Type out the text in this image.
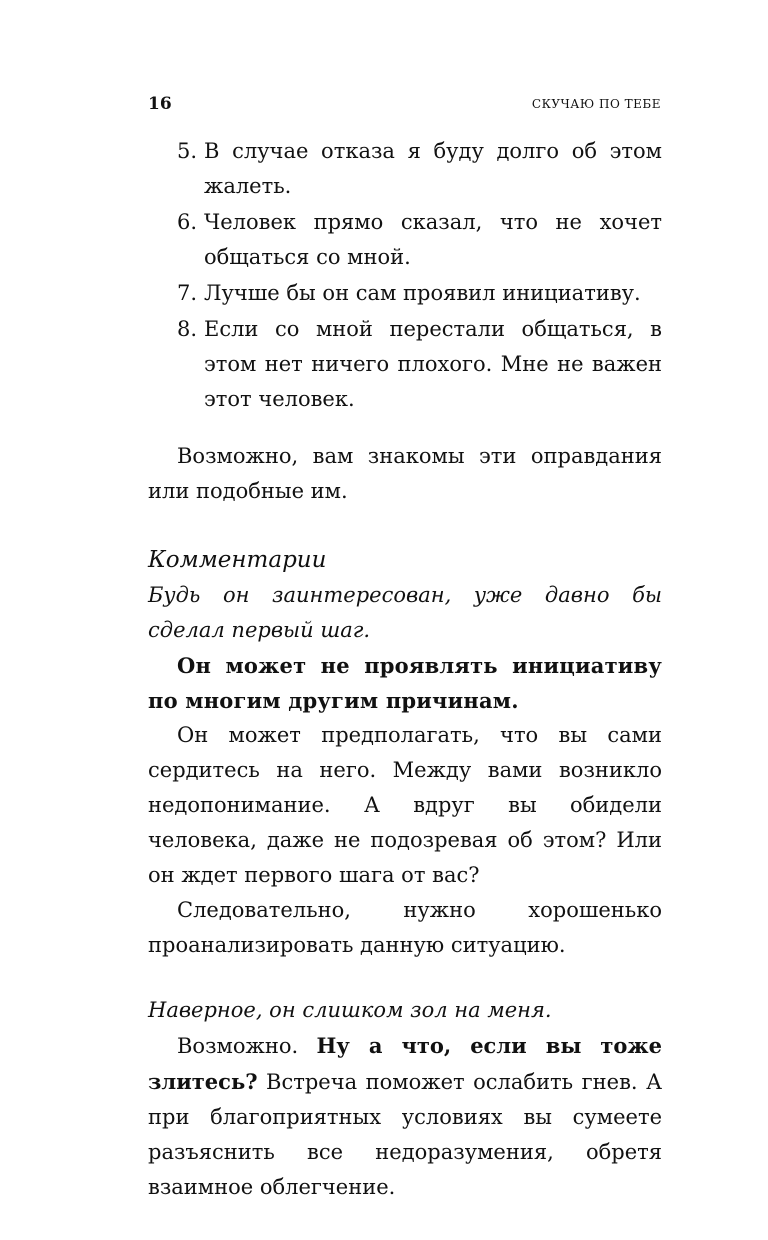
16	СКУЧАЮ ПО ТЕБЕ
5. В случае отказа я буду долго об этом жалеть.
6. Человек прямо сказал, что не хочет общаться со мной.
7. Лучше бы он сам проявил инициативу.
8. Если со мной перестали общаться, в этом нет ничего плохого. Мне не важен этот человек.

Возможно, вам знакомы эти оправдания или подобные им.

Комментарии

Будь он заинтересован, уже давно бы сделал первый шаг.

Он может не проявлять инициативу по многим другим причинам.

Он может предполагать, что вы сами сердитесь на него. Между вами возникло недопонимание. А вдруг вы обидели человека, даже не подозревая об этом? Или он ждет первого шага от вас?

Следовательно, нужно хорошенько проанализировать данную ситуацию.

Наверное, он слишком зол на меня.

Возможно. Ну а что, если вы тоже злитесь? Встреча поможет ослабить гнев. А при благоприятных условиях вы сумеете разъяснить все недоразумения, обретя взаимное облегчение.
